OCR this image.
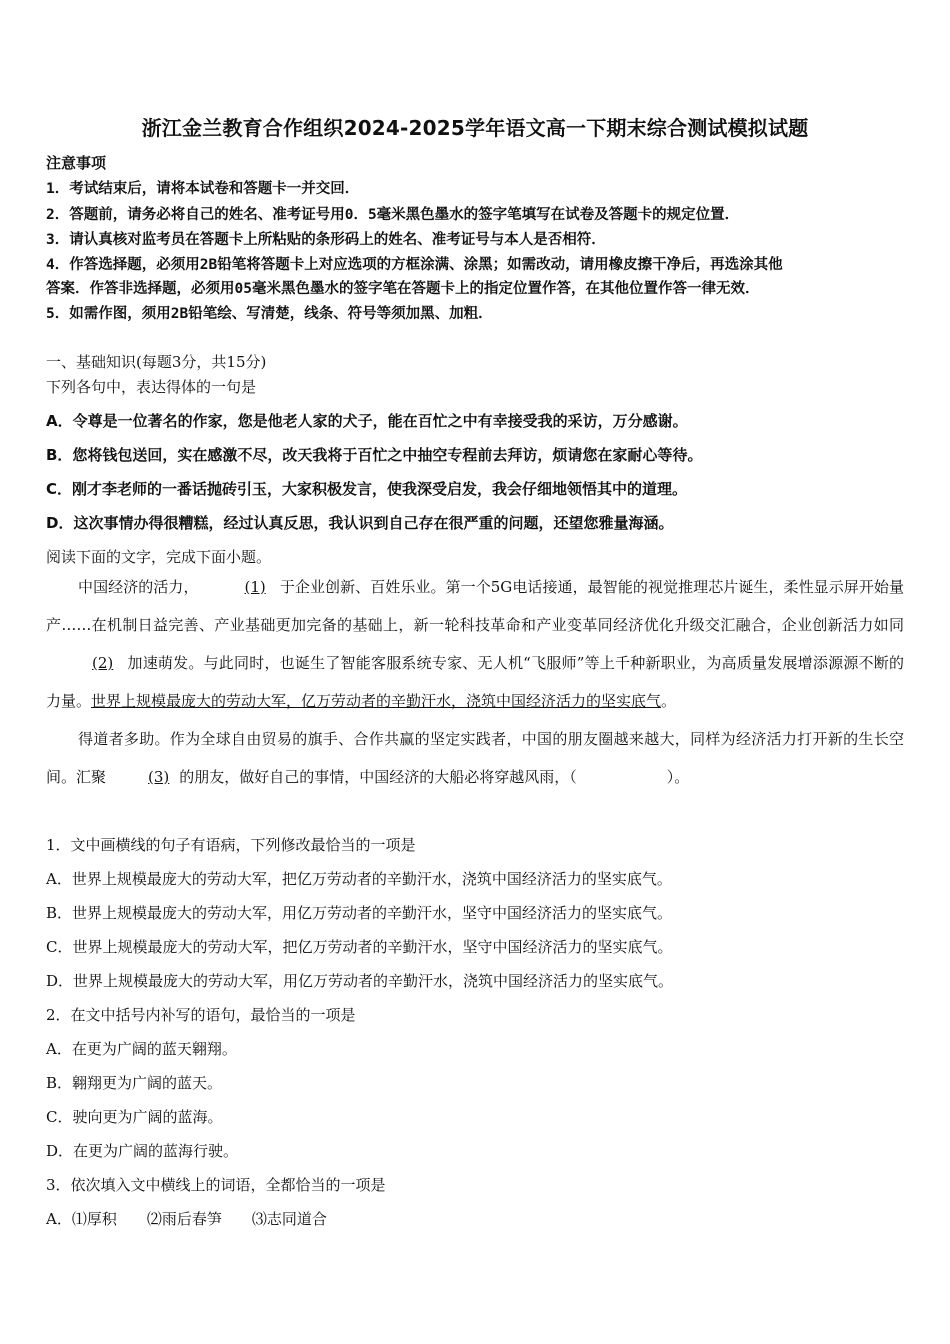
浙江金兰教育合作组织2024-2025学年语文高一下期末综合测试模拟试题
注意事项
1．考试结束后，请将本试卷和答题卡一并交回．
2．答题前，请务必将自己的姓名、准考证号用0．5毫米黑色墨水的签字笔填写在试卷及答题卡的规定位置．
3．请认真核对监考员在答题卡上所粘贴的条形码上的姓名、准考证号与本人是否相符．
4．作答选择题，必须用2B铅笔将答题卡上对应选项的方框涂满、涂黑；如需改动，请用橡皮擦干净后，再选涂其他
答案．作答非选择题，必须用05毫米黑色墨水的签字笔在答题卡上的指定位置作答，在其他位置作答一律无效．
5．如需作图，须用2B铅笔绘、写清楚，线条、符号等须加黑、加粗．
一、基础知识(每题3分，共15分)
下列各句中，表达得体的一句是
A．令尊是一位著名的作家，您是他老人家的犬子，能在百忙之中有幸接受我的采访，万分感谢。
B．您将钱包送回，实在感激不尽，改天我将于百忙之中抽空专程前去拜访，烦请您在家耐心等待。
C．刚才李老师的一番话抛砖引玉，大家积极发言，使我深受启发，我会仔细地领悟其中的道理。
D．这次事情办得很糟糕，经过认真反思，我认识到自己存在很严重的问题，还望您雅量海涵。
阅读下面的文字，完成下面小题。

中国经济的活力，	(1) 于企业创新、百姓乐业。第一个5G电话接通，最智能的视觉推理芯片诞生，柔性显示屏开始量产……在机制日益完善、产业基础更加完备的基础上，新一轮科技革命和产业变革同经济优化升级交汇融合，企业创新活力如同(2) 加速萌发。与此同时，也诞生了智能客服系统专家、无人机“飞服师”等上千种新职业，为高质量发展增添源源不断的力量。世界上规模最庞大的劳动大军，亿万劳动者的辛勤汗水，浇筑中国经济活力的坚实底气。

得道者多助。作为全球自由贸易的旗手、合作共赢的坚定实践者，中国的朋友圈越来越大，同样为经济活力打开新的生长空间。汇聚	(3) 的朋友，做好自己的事情，中国经济的大船必将穿越风雨，（	）。

1．文中画横线的句子有语病，下列修改最恰当的一项是
A．世界上规模最庞大的劳动大军，把亿万劳动者的辛勤汗水，浇筑中国经济活力的坚实底气。
B．世界上规模最庞大的劳动大军，用亿万劳动者的辛勤汗水，坚守中国经济活力的坚实底气。
C．世界上规模最庞大的劳动大军，把亿万劳动者的辛勤汗水，坚守中国经济活力的坚实底气。
D．世界上规模最庞大的劳动大军，用亿万劳动者的辛勤汗水，浇筑中国经济活力的坚实底气。
2．在文中括号内补写的语句，最恰当的一项是
A．在更为广阔的蓝天翱翔。
B．翱翔更为广阔的蓝天。
C．驶向更为广阔的蓝海。
D．在更为广阔的蓝海行驶。
3．依次填入文中横线上的词语，全都恰当的一项是
A．⑴厚积 ⑵雨后春笋 ⑶志同道合
